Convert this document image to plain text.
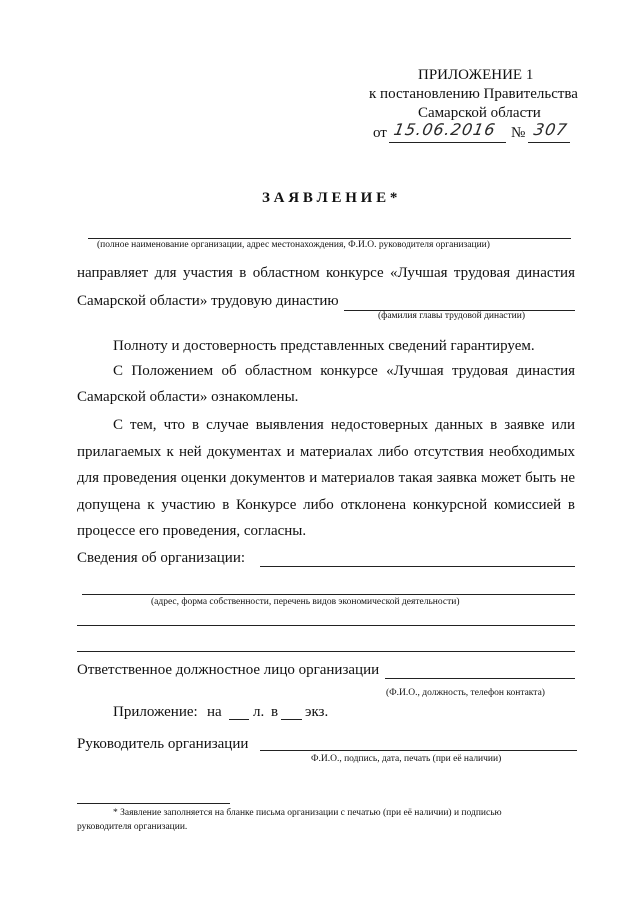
ПРИЛОЖЕНИЕ 1
к постановлению Правительства
Самарской области
от 15.06.2016 № 307
З А Я В Л Е Н И Е *
(полное наименование организации, адрес местонахождения, Ф.И.О. руководителя организации)
направляет для участия в областном конкурсе «Лучшая трудовая династия
Самарской области» трудовую династию
(фамилия главы трудовой династии)
Полноту и достоверность представленных сведений гарантируем.
С Положением об областном конкурсе «Лучшая трудовая династия
Самарской области» ознакомлены.
С тем, что в случае выявления недостоверных данных в заявке или
прилагаемых к ней документах и материалах либо отсутствия необходимых
для проведения оценки документов и материалов такая заявка может быть не
допущена к участию в Конкурсе либо отклонена конкурсной комиссией в
процессе его проведения, согласны.
Сведения об организации:
(адрес, форма собственности, перечень видов экономической деятельности)
Ответственное должностное лицо организации
(Ф.И.О., должность, телефон контакта)
Приложение: на л. в экз.
Руководитель организации
Ф.И.О., подпись, дата, печать (при её наличии)
* Заявление заполняется на бланке письма организации с печатью (при её наличии) и подписью
руководителя организации.
